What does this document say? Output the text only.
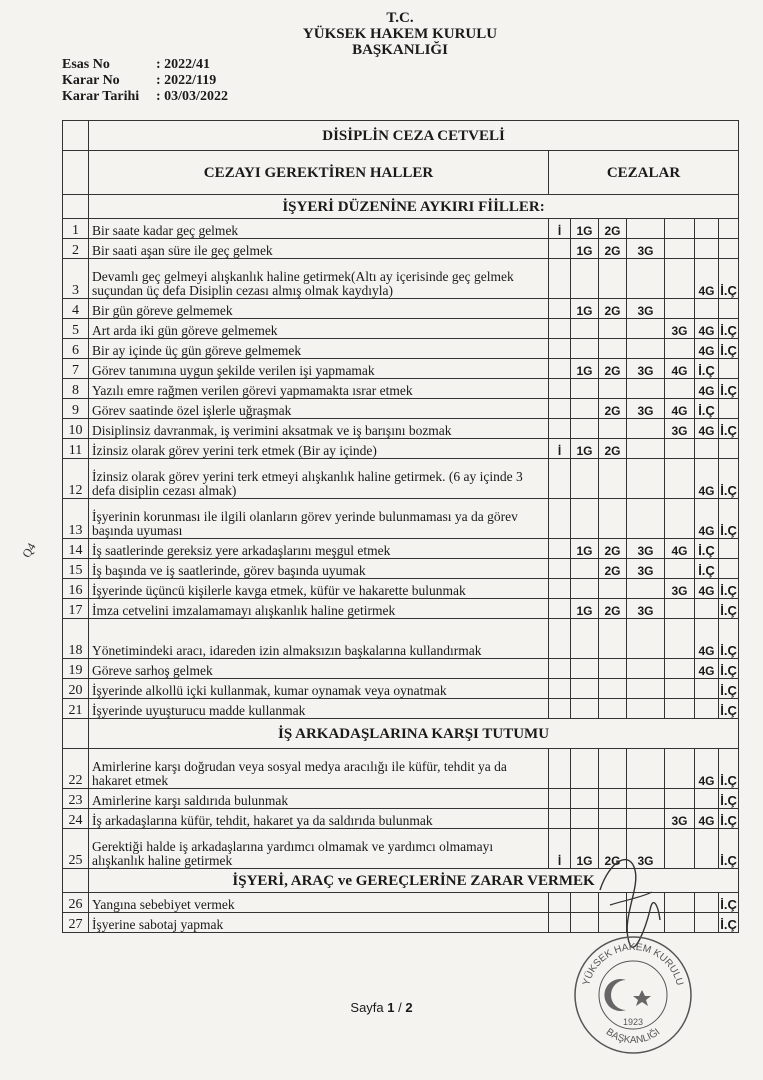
T.C.
YÜKSEK HAKEM KURULU
BAŞKANLIĞI
Esas No	: 2022/41
Karar No	: 2022/119
Karar Tarihi	: 03/03/2022
Q4
	DİSİPLİN CEZA CETVELİ							
	CEZAYI GEREKTİREN HALLER	CEZALAR						
	İŞYERİ DÜZENİNE AYKIRI FİİLLER:							
1	Bir saate kadar geç gelmek	İ	1G	2G				
2	Bir saati aşan süre ile geç gelmek		1G	2G	3G			
3	Devamlı geç gelmeyi alışkanlık haline getirmek(Altı ay içerisinde geç gelmek suçundan üç defa Disiplin cezası almış olmak kaydıyla)						4G	İ.Ç
4	Bir gün göreve gelmemek		1G	2G	3G			
5	Art arda iki gün göreve gelmemek					3G	4G	İ.Ç
6	Bir ay içinde üç gün göreve gelmemek						4G	İ.Ç
7	Görev tanımına uygun şekilde verilen işi yapmamak		1G	2G	3G	4G	İ.Ç	
8	Yazılı emre rağmen verilen görevi yapmamakta ısrar etmek						4G	İ.Ç
9	Görev saatinde özel işlerle uğraşmak			2G	3G	4G	İ.Ç	
10	Disiplinsiz davranmak, iş verimini aksatmak ve iş barışını bozmak					3G	4G	İ.Ç
11	İzinsiz olarak görev yerini terk etmek (Bir ay içinde)	İ	1G	2G				
12	İzinsiz olarak görev yerini terk etmeyi alışkanlık haline getirmek. (6 ay içinde 3 defa disiplin cezası almak)						4G	İ.Ç
13	İşyerinin korunması ile ilgili olanların görev yerinde bulunmaması ya da görev başında uyuması						4G	İ.Ç
14	İş saatlerinde gereksiz yere arkadaşlarını meşgul etmek		1G	2G	3G	4G	İ.Ç	
15	İş başında ve iş saatlerinde, görev başında uyumak			2G	3G		İ.Ç	
16	İşyerinde üçüncü kişilerle kavga etmek, küfür ve hakarette bulunmak					3G	4G	İ.Ç
17	İmza cetvelini imzalamamayı alışkanlık haline getirmek		1G	2G	3G			İ.Ç
18	Yönetimindeki aracı, idareden izin almaksızın başkalarına kullandırmak						4G	İ.Ç
19	Göreve sarhoş gelmek						4G	İ.Ç
20	İşyerinde alkollü içki kullanmak, kumar oynamak veya oynatmak							İ.Ç
21	İşyerinde uyuşturucu madde kullanmak							İ.Ç
	İŞ ARKADAŞLARINA KARŞI TUTUMU							
22	Amirlerine karşı doğrudan veya sosyal medya aracılığı ile küfür, tehdit ya da hakaret etmek						4G	İ.Ç
23	Amirlerine karşı saldırıda bulunmak							İ.Ç
24	İş arkadaşlarına küfür, tehdit, hakaret ya da saldırıda bulunmak					3G	4G	İ.Ç
25	Gerektiği halde iş arkadaşlarına yardımcı olmamak ve yardımcı olmamayı alışkanlık haline getirmek	İ	1G	2G	3G			İ.Ç
	İŞYERİ, ARAÇ ve GEREÇLERİNE ZARAR VERMEK							
26	Yangına sebebiyet vermek							İ.Ç
27	İşyerine sabotaj yapmak							İ.Ç
YÜKSEK HAKEM KURULU
BAŞKANLIĞI
1923
Sayfa 1 / 2
